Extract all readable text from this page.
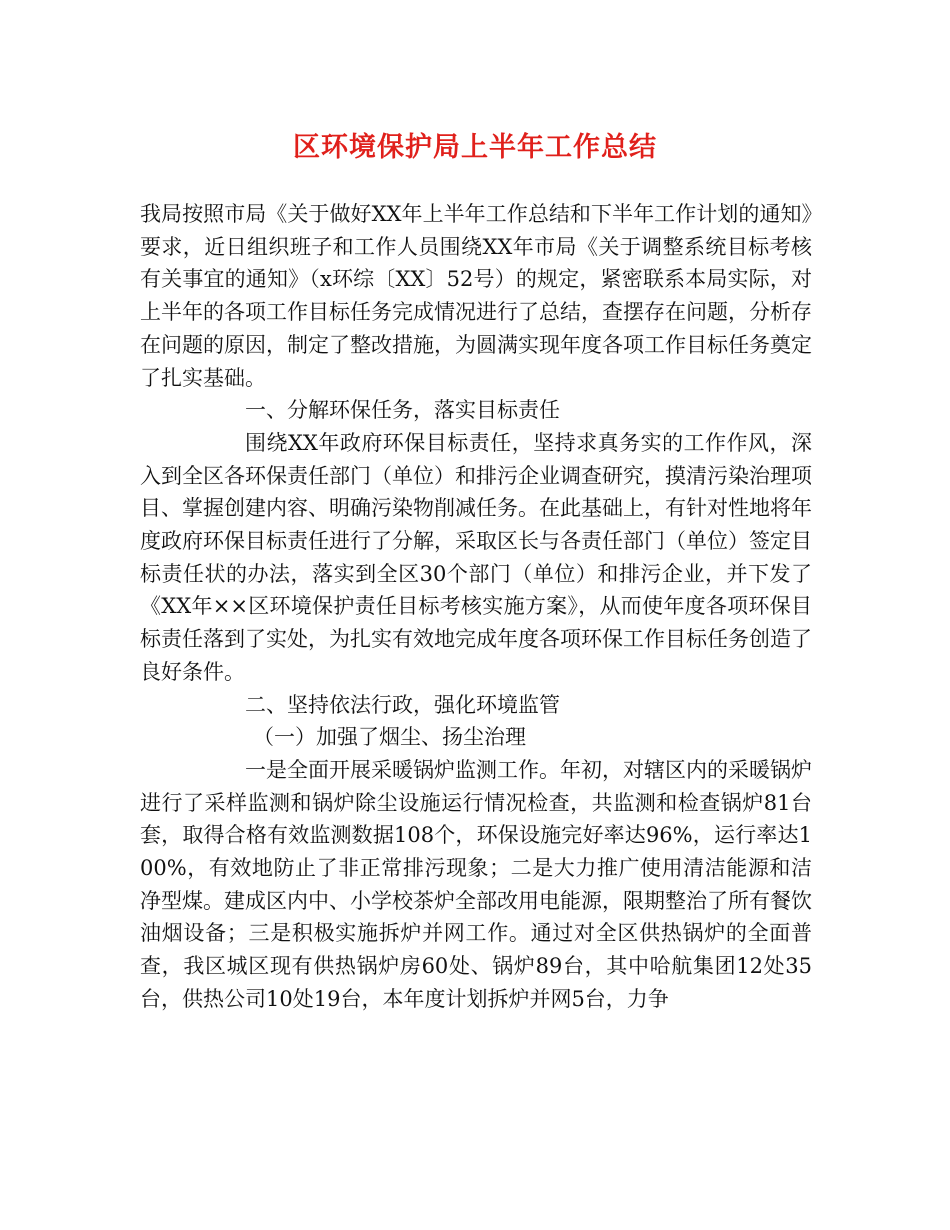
区环境保护局上半年工作总结

我局按照市局《关于做好XX年上半年工作总结和下半年工作计划的通知》要求，近日组织班子和工作人员围绕XX年市局《关于调整系统目标考核有关事宜的通知》（x环综〔XX〕52号）的规定，紧密联系本局实际，对上半年的各项工作目标任务完成情况进行了总结，查摆存在问题，分析存在问题的原因，制定了整改措施，为圆满实现年度各项工作目标任务奠定了扎实基础。

一、分解环保任务，落实目标责任

围绕XX年政府环保目标责任，坚持求真务实的工作作风，深入到全区各环保责任部门（单位）和排污企业调查研究，摸清污染治理项目、掌握创建内容、明确污染物削减任务。在此基础上，有针对性地将年度政府环保目标责任进行了分解，采取区长与各责任部门（单位）签定目标责任状的办法，落实到全区30个部门（单位）和排污企业，并下发了《XX年××区环境保护责任目标考核实施方案》，从而使年度各项环保目标责任落到了实处，为扎实有效地完成年度各项环保工作目标任务创造了良好条件。

二、坚持依法行政，强化环境监管

（一）加强了烟尘、扬尘治理

一是全面开展采暖锅炉监测工作。年初，对辖区内的采暖锅炉进行了采样监测和锅炉除尘设施运行情况检查，共监测和检查锅炉81台套，取得合格有效监测数据108个，环保设施完好率达96%，运行率达100%，有效地防止了非正常排污现象；二是大力推广使用清洁能源和洁净型煤。建成区内中、小学校茶炉全部改用电能源，限期整治了所有餐饮油烟设备；三是积极实施拆炉并网工作。通过对全区供热锅炉的全面普查，我区城区现有供热锅炉房60处、锅炉89台，其中哈航集团12处35台，供热公司10处19台，本年度计划拆炉并网5台，力争
